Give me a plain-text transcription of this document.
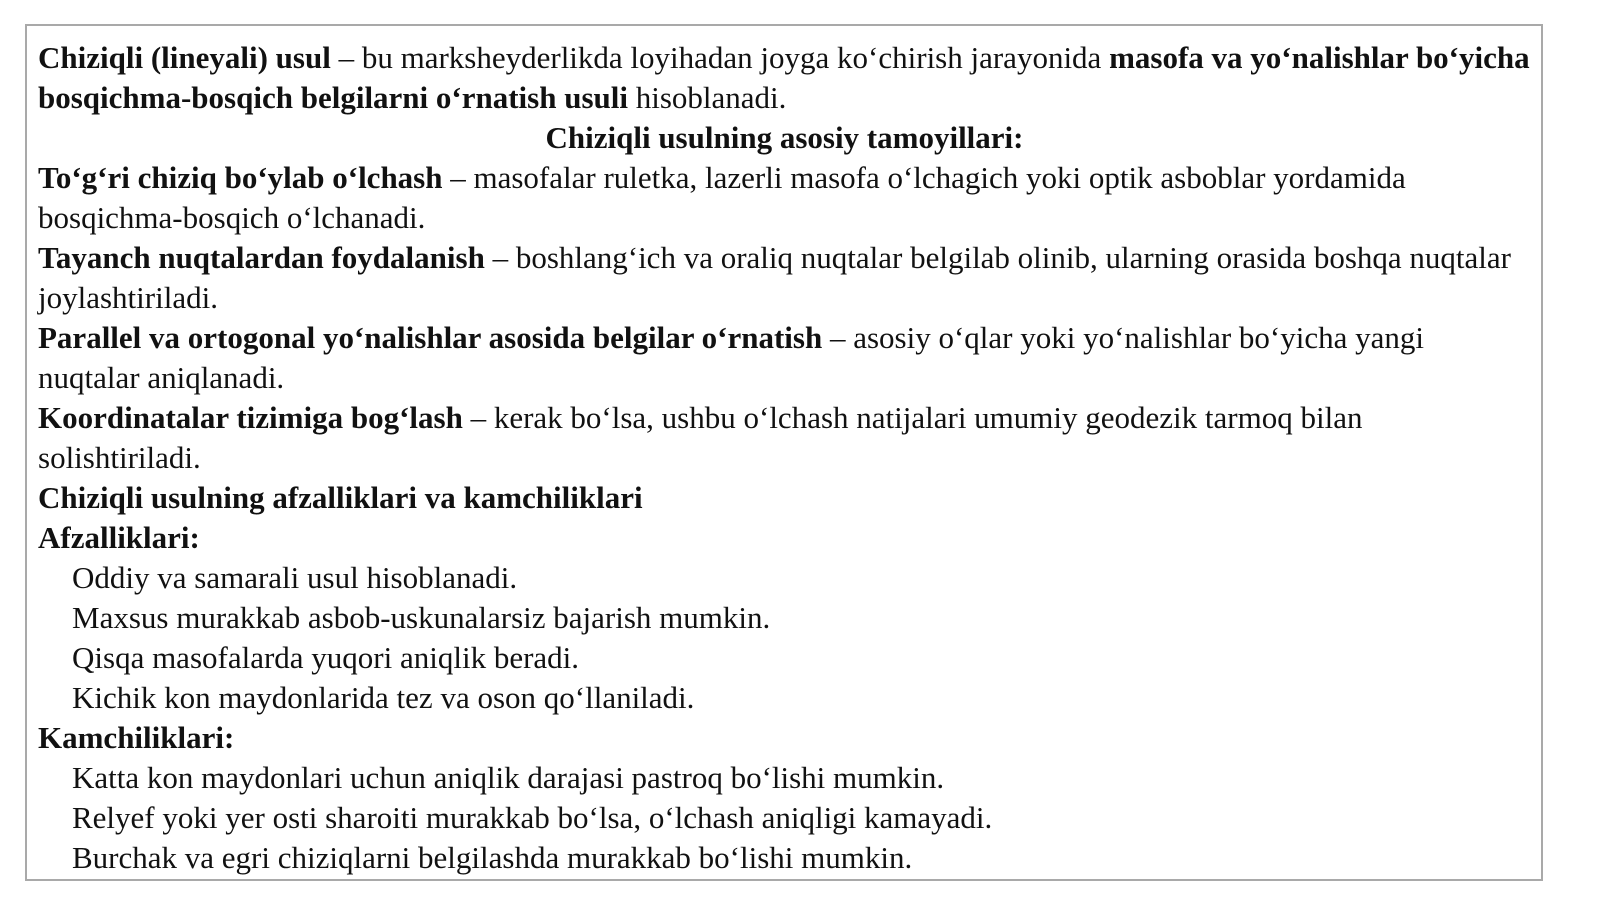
Chiziqli (lineyali) usul – bu marksheyderlikda loyihadan joyga ko‘chirish jarayonida masofa va yo‘nalishlar bo‘yicha bosqichma-bosqich belgilarni o‘rnatish usuli hisoblanadi.

Chiziqli usulning asosiy tamoyillari:

To‘g‘ri chiziq bo‘ylab o‘lchash – masofalar ruletka, lazerli masofa o‘lchagich yoki optik asboblar yordamida bosqichma-bosqich o‘lchanadi.

Tayanch nuqtalardan foydalanish – boshlang‘ich va oraliq nuqtalar belgilab olinib, ularning orasida boshqa nuqtalar joylashtiriladi.

Parallel va ortogonal yo‘nalishlar asosida belgilar o‘rnatish – asosiy o‘qlar yoki yo‘nalishlar bo‘yicha yangi nuqtalar aniqlanadi.

Koordinatalar tizimiga bog‘lash – kerak bo‘lsa, ushbu o‘lchash natijalari umumiy geodezik tarmoq bilan solishtiriladi.

Chiziqli usulning afzalliklari va kamchiliklari

Afzalliklari:

Oddiy va samarali usul hisoblanadi.
Maxsus murakkab asbob-uskunalarsiz bajarish mumkin.
Qisqa masofalarda yuqori aniqlik beradi.
Kichik kon maydonlarida tez va oson qo‘llaniladi.

Kamchiliklari:

Katta kon maydonlari uchun aniqlik darajasi pastroq bo‘lishi mumkin.
Relyef yoki yer osti sharoiti murakkab bo‘lsa, o‘lchash aniqligi kamayadi.
Burchak va egri chiziqlarni belgilashda murakkab bo‘lishi mumkin.
